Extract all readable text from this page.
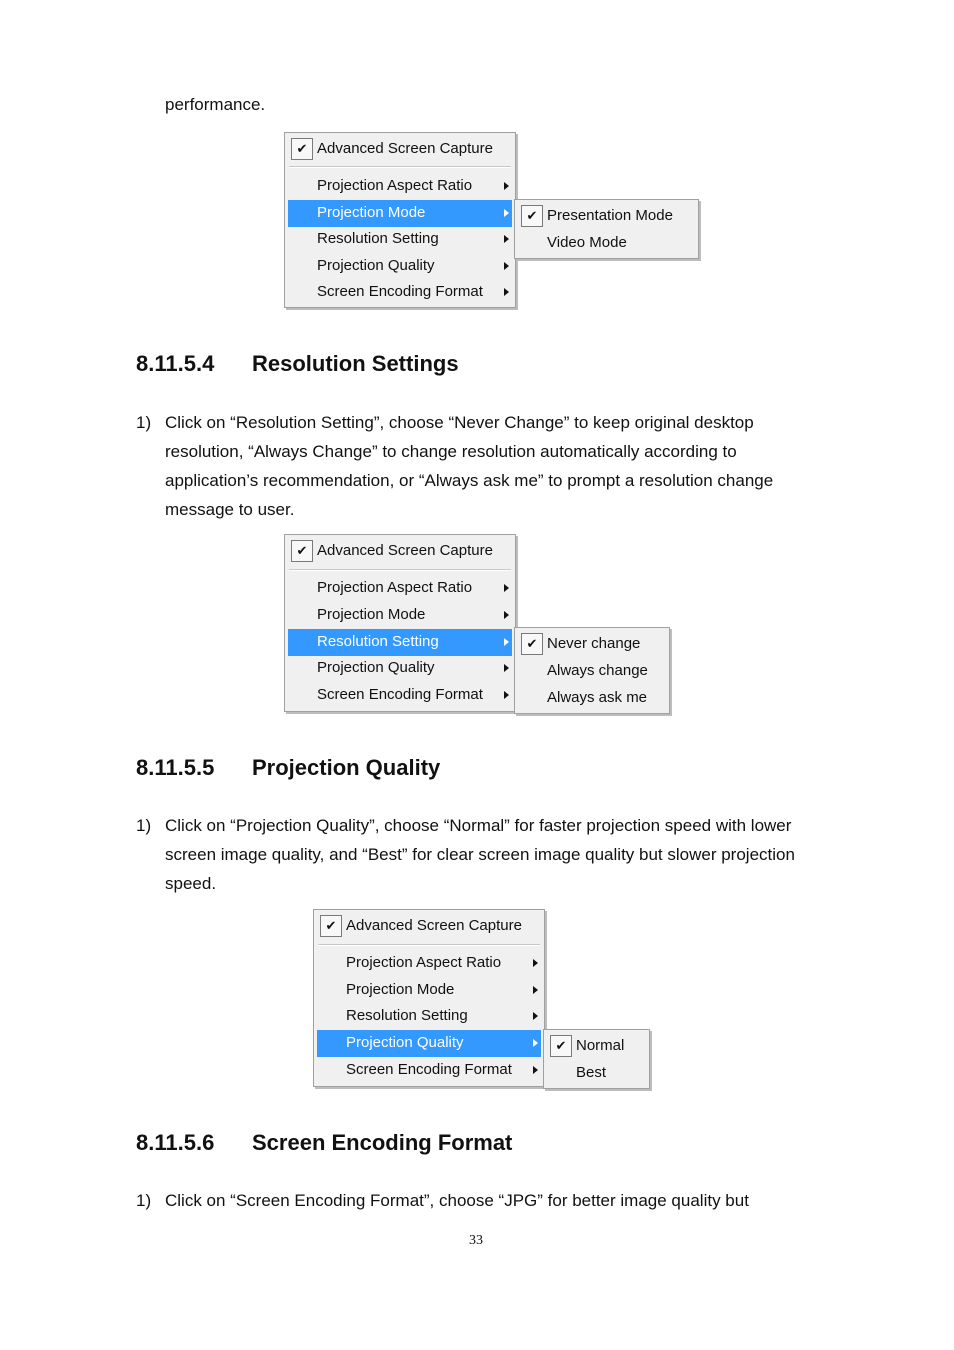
performance.

✔ Advanced Screen Capture
Projection Aspect Ratio
Projection Mode
Resolution Setting
Projection Quality
Screen Encoding Format
✔ Presentation Mode
Video Mode
8.11.5.4 Resolution Settings
1) Click on “Resolution Setting”, choose “Never Change” to keep original desktop resolution, “Always Change” to change resolution automatically according to application’s recommendation, or “Always ask me” to prompt a resolution change message to user.

✔ Advanced Screen Capture
Projection Aspect Ratio
Projection Mode
Resolution Setting
Projection Quality
Screen Encoding Format
✔ Never change
Always change
Always ask me
8.11.5.5 Projection Quality
1) Click on “Projection Quality”, choose “Normal” for faster projection speed with lower screen image quality, and “Best” for clear screen image quality but slower projection speed.

✔ Advanced Screen Capture
Projection Aspect Ratio
Projection Mode
Resolution Setting
Projection Quality
Screen Encoding Format
✔ Normal
Best
8.11.5.6 Screen Encoding Format
1) Click on “Screen Encoding Format”, choose “JPG” for better image quality but

33
